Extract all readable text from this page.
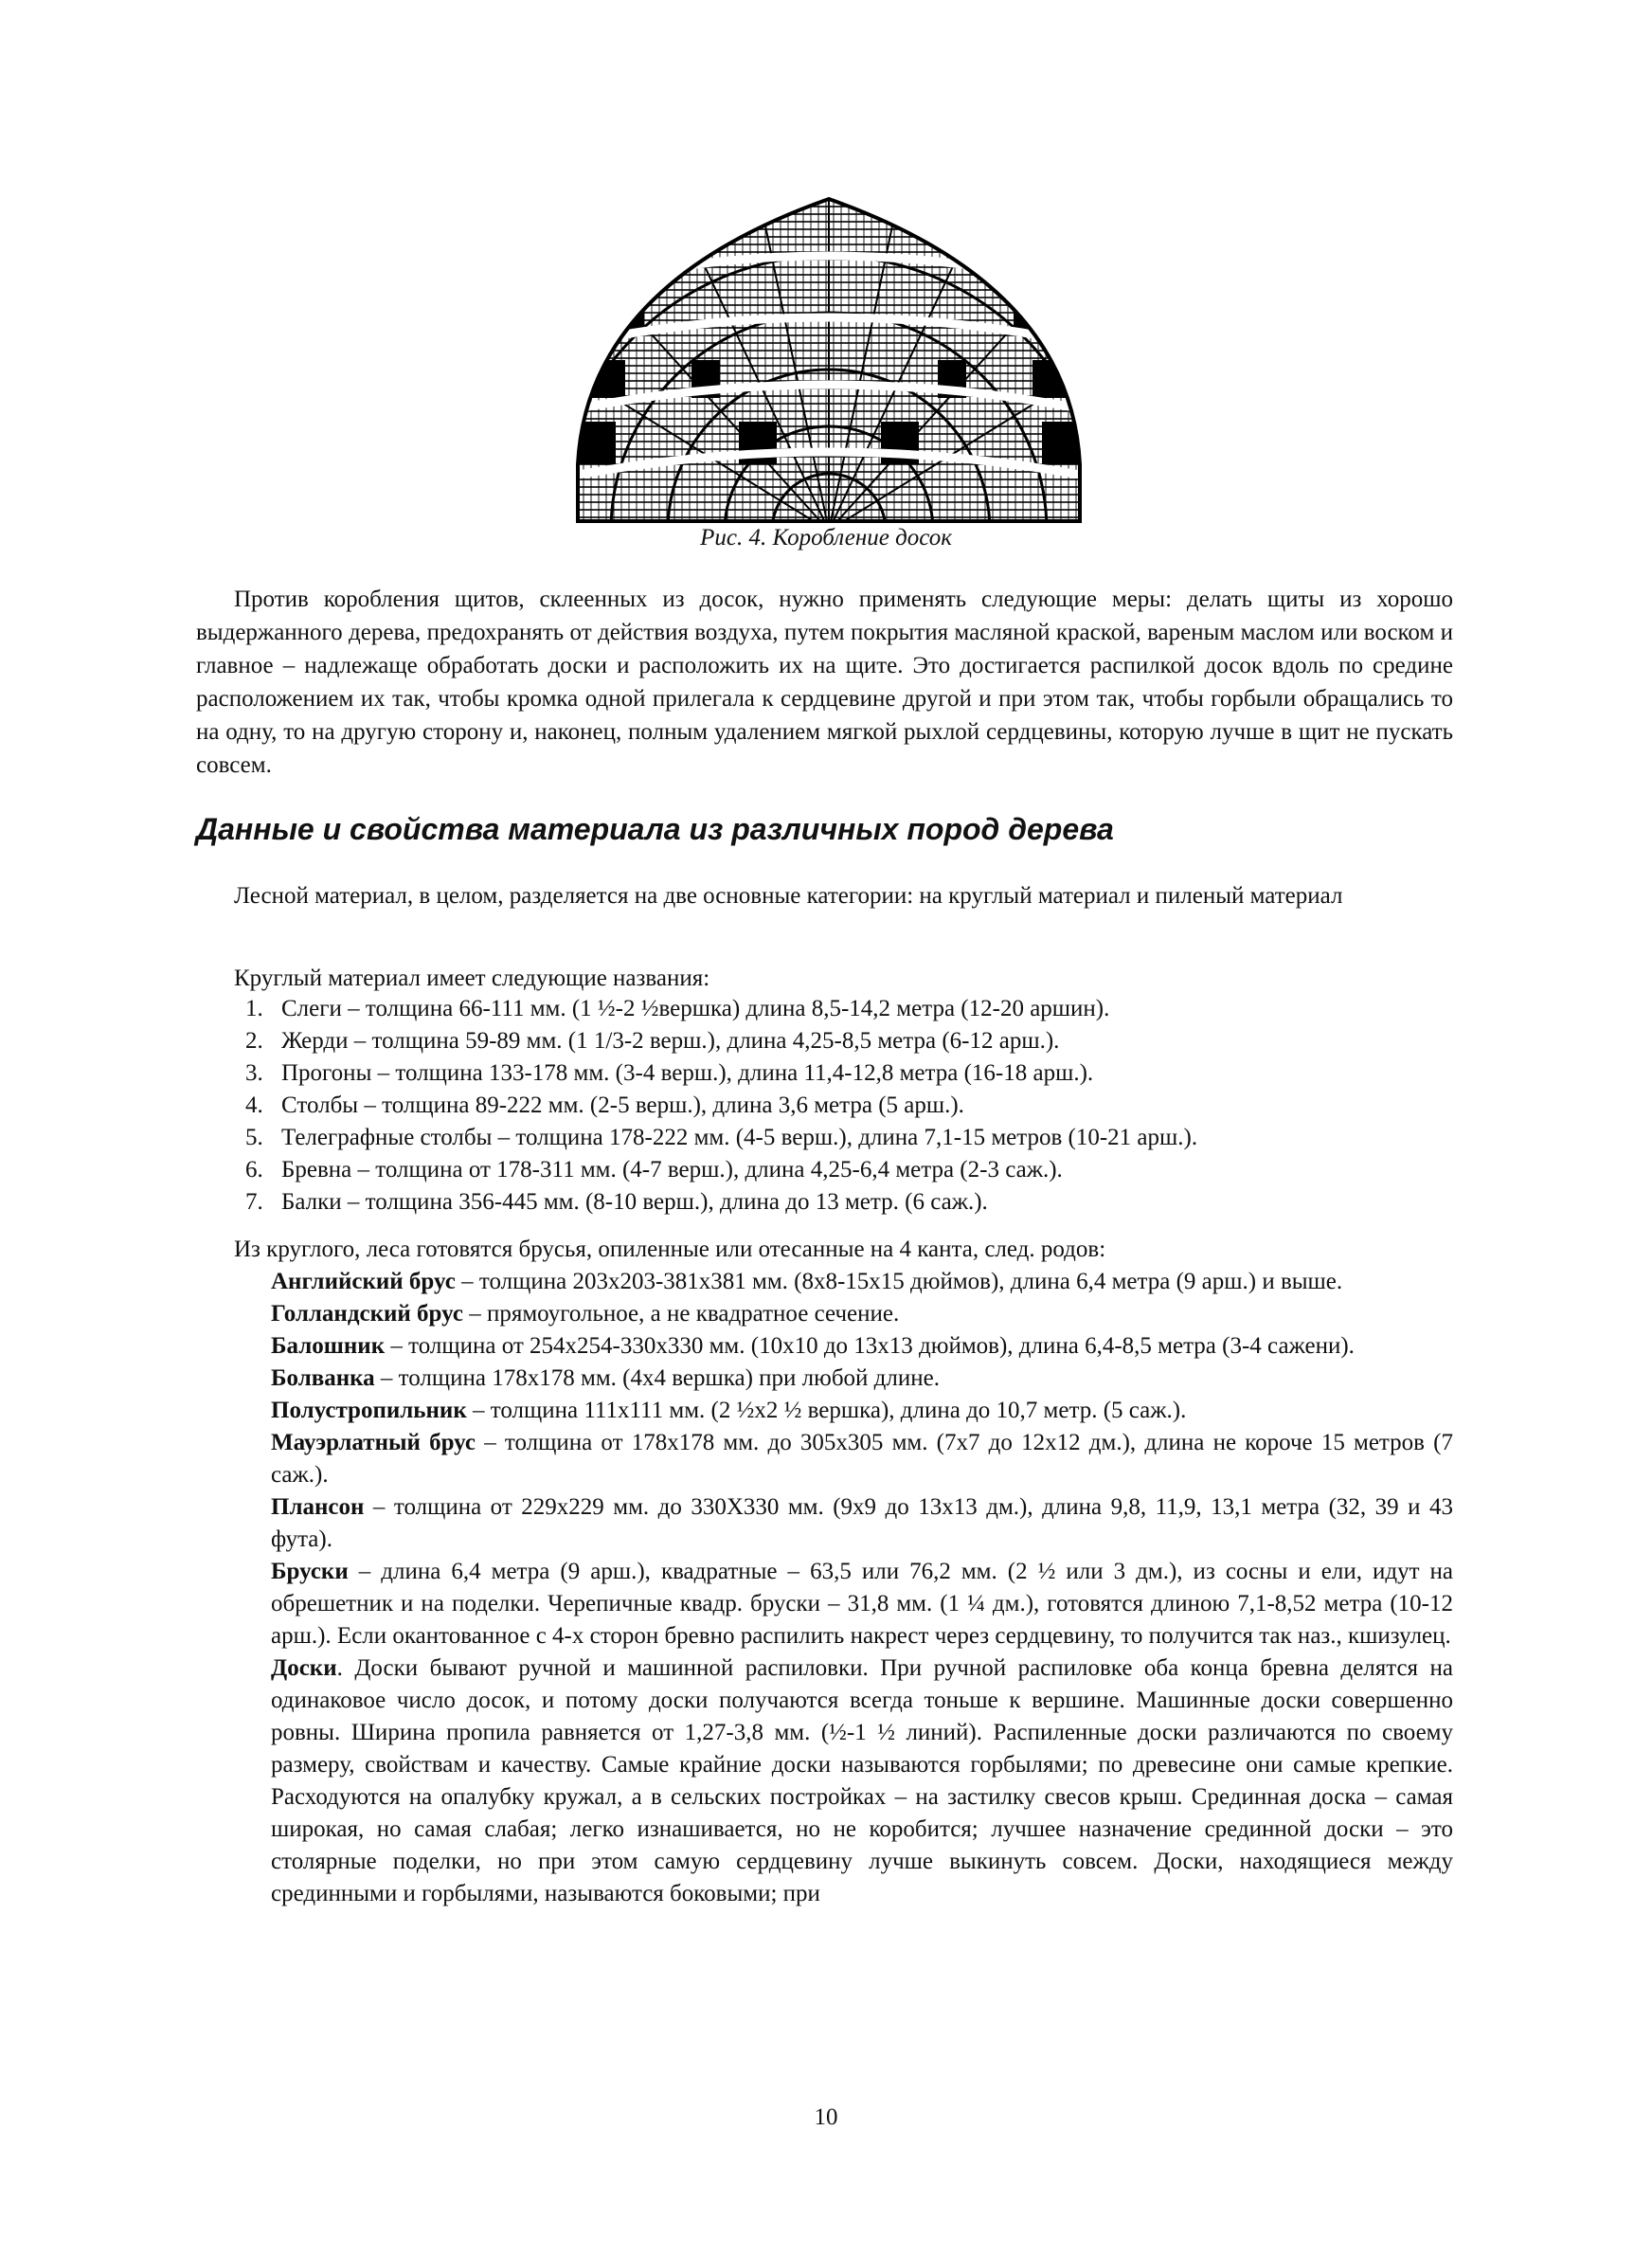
Рис. 4. Коробление досок

Против коробления щитов, склеенных из досок, нужно применять следующие меры: делать щиты из хорошо выдержанного дерева, предохранять от действия воздуха, путем покрытия масляной краской, вареным маслом или воском и главное – надлежаще обработать доски и расположить их на щите. Это достигается распилкой досок вдоль по средине расположением их так, чтобы кромка одной прилегала к сердцевине другой и при этом так, чтобы горбыли обращались то на одну, то на другую сторону и, наконец, полным удалением мягкой рыхлой сердцевины, которую лучше в щит не пускать совсем.

Данные и свойства материала из различных пород дерева

Лесной материал, в целом, разделяется на две основные категории: на круглый материал и пиленый материал

Круглый материал имеет следующие названия:
1. Слеги – толщина 66-111 мм. (1 ½-2 ½вершка) длина 8,5-14,2 метра (12-20 аршин).
2. Жерди – толщина 59-89 мм. (1 1/3-2 верш.), длина 4,25-8,5 метра (6-12 арш.).
3. Прогоны – толщина 133-178 мм. (3-4 верш.), длина 11,4-12,8 метра (16-18 арш.).
4. Столбы – толщина 89-222 мм. (2-5 верш.), длина 3,6 метра (5 арш.).
5. Телеграфные столбы – толщина 178-222 мм. (4-5 верш.), длина 7,1-15 метров (10-21 арш.).
6. Бревна – толщина от 178-311 мм. (4-7 верш.), длина 4,25-6,4 метра (2-3 саж.).
7. Балки – толщина 356-445 мм. (8-10 верш.), длина до 13 метр. (6 саж.).
Из круглого, леса готовятся брусья, опиленные или отесанные на 4 канта, след. родов:

Английский брус – толщина 203х203-381х381 мм. (8х8-15х15 дюймов), длина 6,4 метра (9 арш.) и выше.

Голландский брус – прямоугольное, а не квадратное сечение.

Балошник – толщина от 254х254-330х330 мм. (10х10 до 13х13 дюймов), длина 6,4-8,5 метра (3-4 сажени).

Болванка – толщина 178х178 мм. (4х4 вершка) при любой длине.

Полустропильник – толщина 111х111 мм. (2 ½х2 ½ вершка), длина до 10,7 метр. (5 саж.).

Мауэрлатный брус – толщина от 178х178 мм. до 305х305 мм. (7х7 до 12х12 дм.), длина не короче 15 метров (7 саж.).

Плансон – толщина от 229х229 мм. до 330Х330 мм. (9х9 до 13х13 дм.), длина 9,8, 11,9, 13,1 метра (32, 39 и 43 фута).

Бруски – длина 6,4 метра (9 арш.), квадратные – 63,5 или 76,2 мм. (2 ½ или 3 дм.), из сосны и ели, идут на обрешетник и на поделки. Черепичные квадр. бруски – 31,8 мм. (1 ¼ дм.), готовятся длиною 7,1-8,52 метра (10-12 арш.). Если окантованное с 4-х сторон бревно распилить накрест через сердцевину, то получится так наз., кшизулец.

Доски. Доски бывают ручной и машинной распиловки. При ручной распиловке оба конца бревна делятся на одинаковое число досок, и потому доски получаются всегда тоньше к вершине. Машинные доски совершенно ровны. Ширина пропила равняется от 1,27-3,8 мм. (½-1 ½ линий). Распиленные доски различаются по своему размеру, свойствам и качеству. Самые крайние доски называются горбылями; по древесине они самые крепкие. Расходуются на опалубку кружал, а в сельских постройках – на застилку свесов крыш. Срединная доска – самая широкая, но самая слабая; легко изнашивается, но не коробится; лучшее назначение срединной доски – это столярные поделки, но при этом самую сердцевину лучше выкинуть совсем. Доски, находящиеся между срединными и горбылями, называются боковыми; при

10
